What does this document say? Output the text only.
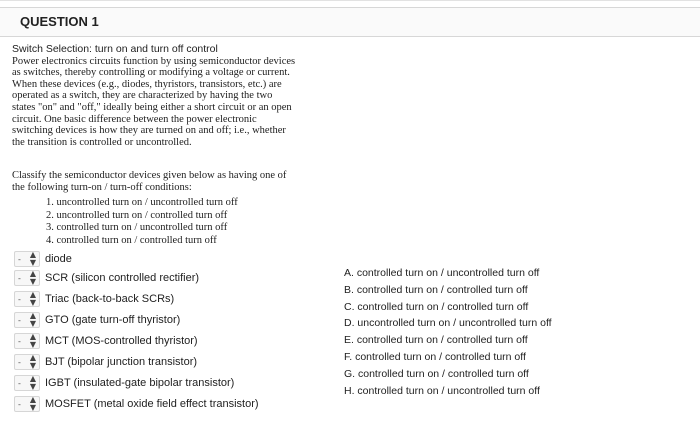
QUESTION 1
Switch Selection: turn on and turn off control
Power electronics circuits function by using semiconductor devices
as switches, thereby controlling or modifying a voltage or current.
When these devices (e.g., diodes, thyristors, transistors, etc.) are
operated as a switch, they are characterized by having the two
states "on" and "off," ideally being either a short circuit or an open
circuit. One basic difference between the power electronic
switching devices is how they are turned on and off; i.e., whether
the transition is controlled or uncontrolled.
Classify the semiconductor devices given below as having one of
the following turn-on / turn-off conditions:
1. uncontrolled turn on / uncontrolled turn off
2. uncontrolled turn on / controlled turn off
3. controlled turn on / uncontrolled turn off
4. controlled turn on / controlled turn off
- ▲
▼ diode
- ▲
▼ SCR (silicon controlled rectifier)
- ▲
▼ Triac (back-to-back SCRs)
- ▲
▼ GTO (gate turn-off thyristor)
- ▲
▼ MCT (MOS-controlled thyristor)
- ▲
▼ BJT (bipolar junction transistor)
- ▲
▼ IGBT (insulated-gate bipolar transistor)
- ▲
▼ MOSFET (metal oxide field effect transistor)
A. controlled turn on / uncontrolled turn off
B. controlled turn on / controlled turn off
C. controlled turn on / controlled turn off
D. uncontrolled turn on / uncontrolled turn off
E. controlled turn on / controlled turn off
F. controlled turn on / controlled turn off
G. controlled turn on / controlled turn off
H. controlled turn on / uncontrolled turn off
